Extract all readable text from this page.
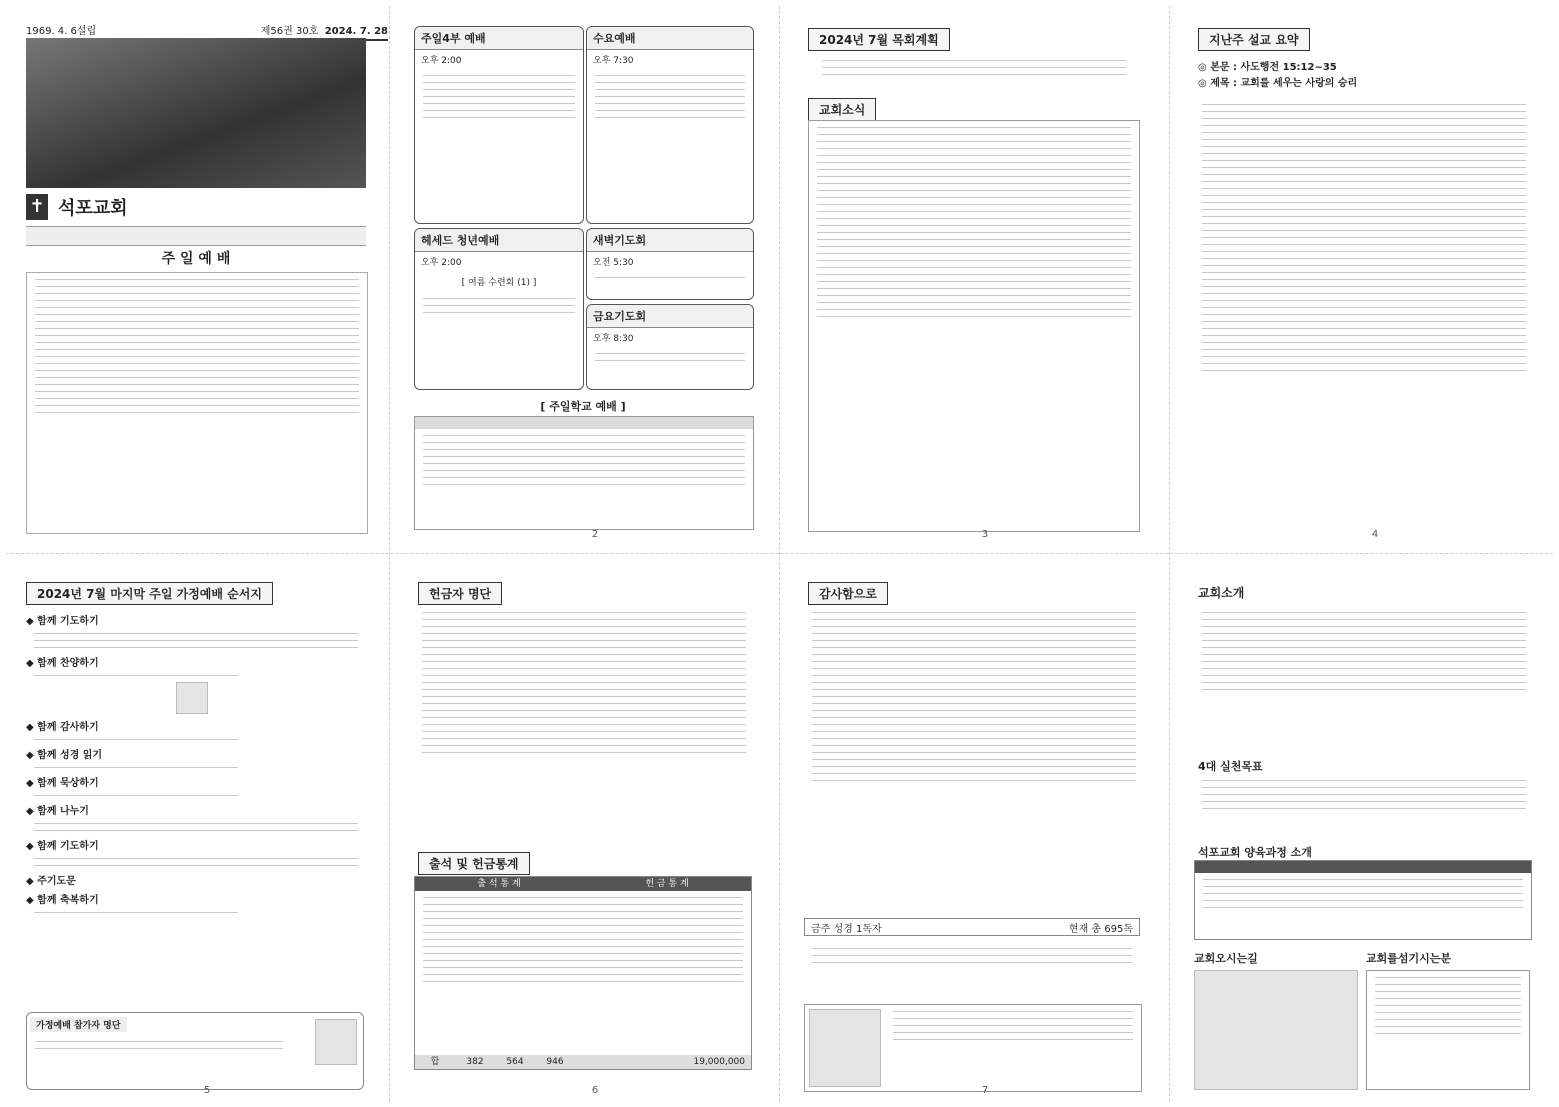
1969. 4. 6설립	제56권 30호 2024. 7. 28
✝ 석포교회
주 일 예 배
주일4부 예배
오후 2:00
수요예배
오후 7:30
헤세드 청년예배
오후 2:00
[ 여름 수련회 (1) ]
새벽기도회
오전 5:30
금요기도회
오후 8:30
[ 주일학교 예배 ]
2
2024년 7월 목회계획
교회소식
3
지난주 설교 요약
◎ 본문 : 사도행전 15:12~35
◎ 제목 : 교회를 세우는 사랑의 승리
4
2024년 7월 마지막 주일 가정예배 순서지
◆ 함께 기도하기
◆ 함께 찬양하기
◆ 함께 감사하기
◆ 함께 성경 읽기
◆ 함께 묵상하기
◆ 함께 나누기
◆ 함께 기도하기
◆ 주기도문
◆ 함께 축복하기
가정예배 참가자 명단
5
헌금자 명단
출석 및 헌금통계
출 석 통 계	헌 금 통 계
합	382	564	946	19,000,000
6
감사함으로
금주 성경 1독자	현재 총 695독
7
교회소개
4대 실천목표
석포교회 양육과정 소개
교회오시는길	교회를섬기시는분
